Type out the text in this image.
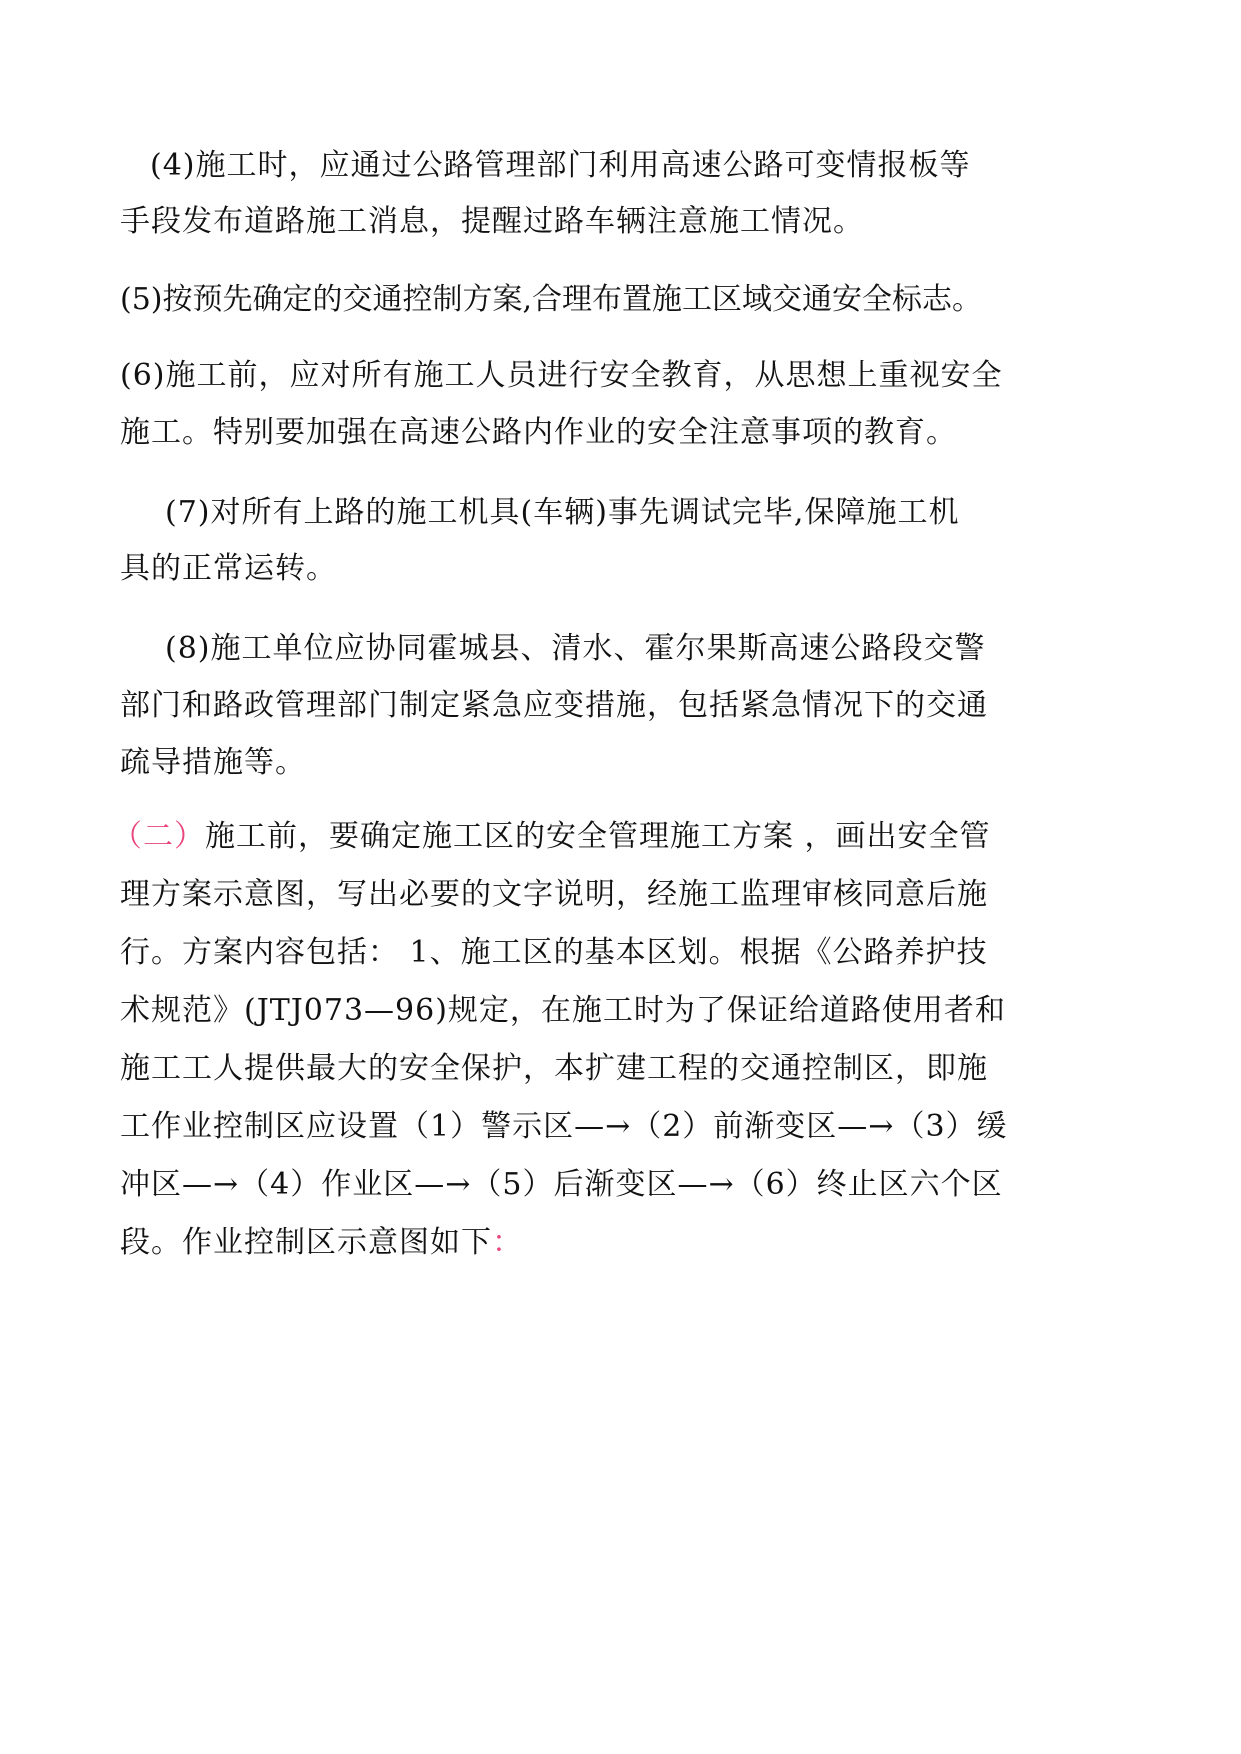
(4)施工时，应通过公路管理部门利用高速公路可变情报板等
手段发布道路施工消息，提醒过路车辆注意施工情况。
(5)按预先确定的交通控制方案,合理布置施工区域交通安全标志。
(6)施工前，应对所有施工人员进行安全教育，从思想上重视安全
施工。特别要加强在高速公路内作业的安全注意事项的教育。
(7)对所有上路的施工机具(车辆)事先调试完毕,保障施工机
具的正常运转。
(8)施工单位应协同霍城县、清水、霍尔果斯高速公路段交警
部门和路政管理部门制定紧急应变措施，包括紧急情况下的交通
疏导措施等。
（二）施工前，要确定施工区的安全管理施工方案 ，画出安全管
理方案示意图，写出必要的文字说明，经施工监理审核同意后施
行。方案内容包括： 1、施工区的基本区划。根据《公路养护技
术规范》(JTJ073—96)规定，在施工时为了保证给道路使用者和
施工工人提供最大的安全保护，本扩建工程的交通控制区，即施
工作业控制区应设置（1）警示区—→（2）前渐变区—→（3）缓
冲区—→（4）作业区—→（5）后渐变区—→（6）终止区六个区
段。作业控制区示意图如下：
